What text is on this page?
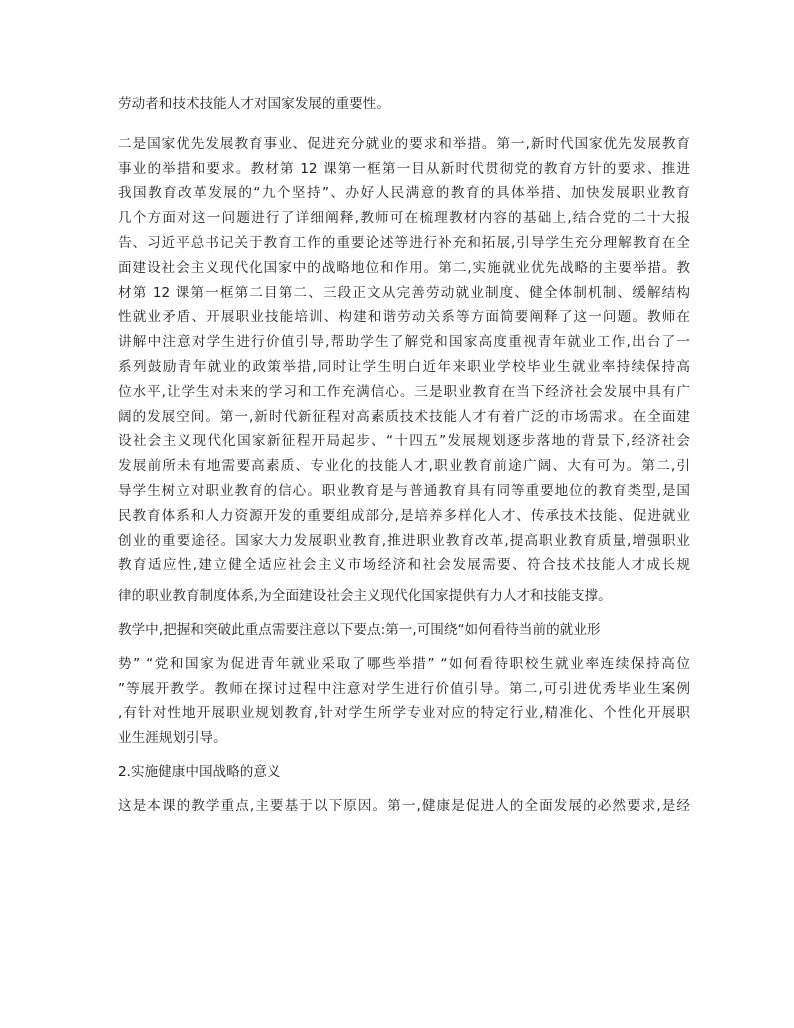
劳动者和技术技能人才对国家发展的重要性。
二是国家优先发展教育事业、促进充分就业的要求和举措。第一,新时代国家优先发展教育
事业的举措和要求。教材第 12 课第一框第一目从新时代贯彻党的教育方针的要求、推进
我国教育改革发展的“九个坚持”、办好人民满意的教育的具体举措、加快发展职业教育
几个方面对这一问题进行了详细阐释,教师可在梳理教材内容的基础上,结合党的二十大报
告、习近平总书记关于教育工作的重要论述等进行补充和拓展,引导学生充分理解教育在全
面建设社会主义现代化国家中的战略地位和作用。第二,实施就业优先战略的主要举措。教
材第 12 课第一框第二目第二、三段正文从完善劳动就业制度、健全体制机制、缓解结构
性就业矛盾、开展职业技能培训、构建和谐劳动关系等方面简要阐释了这一问题。教师在
讲解中注意对学生进行价值引导,帮助学生了解党和国家高度重视青年就业工作,出台了一
系列鼓励青年就业的政策举措,同时让学生明白近年来职业学校毕业生就业率持续保持高
位水平,让学生对未来的学习和工作充满信心。三是职业教育在当下经济社会发展中具有广
阔的发展空间。第一,新时代新征程对高素质技术技能人才有着广泛的市场需求。在全面建
设社会主义现代化国家新征程开局起步、“十四五”发展规划逐步落地的背景下,经济社会
发展前所未有地需要高素质、专业化的技能人才,职业教育前途广阔、大有可为。第二,引
导学生树立对职业教育的信心。职业教育是与普通教育具有同等重要地位的教育类型,是国
民教育体系和人力资源开发的重要组成部分,是培养多样化人才、传承技术技能、促进就业
创业的重要途径。国家大力发展职业教育,推进职业教育改革,提高职业教育质量,增强职业
教育适应性,建立健全适应社会主义市场经济和社会发展需要、符合技术技能人才成长规
律的职业教育制度体系,为全面建设社会主义现代化国家提供有力人才和技能支撑。
教学中,把握和突破此重点需要注意以下要点:第一,可围绕“如何看待当前的就业形
势” “党和国家为促进青年就业采取了哪些举措” “如何看待职校生就业率连续保持高位
”等展开教学。教师在探讨过程中注意对学生进行价值引导。第二,可引进优秀毕业生案例
,有针对性地开展职业规划教育,针对学生所学专业对应的特定行业,精准化、个性化开展职
业生涯规划引导。
2.实施健康中国战略的意义
这是本课的教学重点,主要基于以下原因。第一,健康是促进人的全面发展的必然要求,是经
